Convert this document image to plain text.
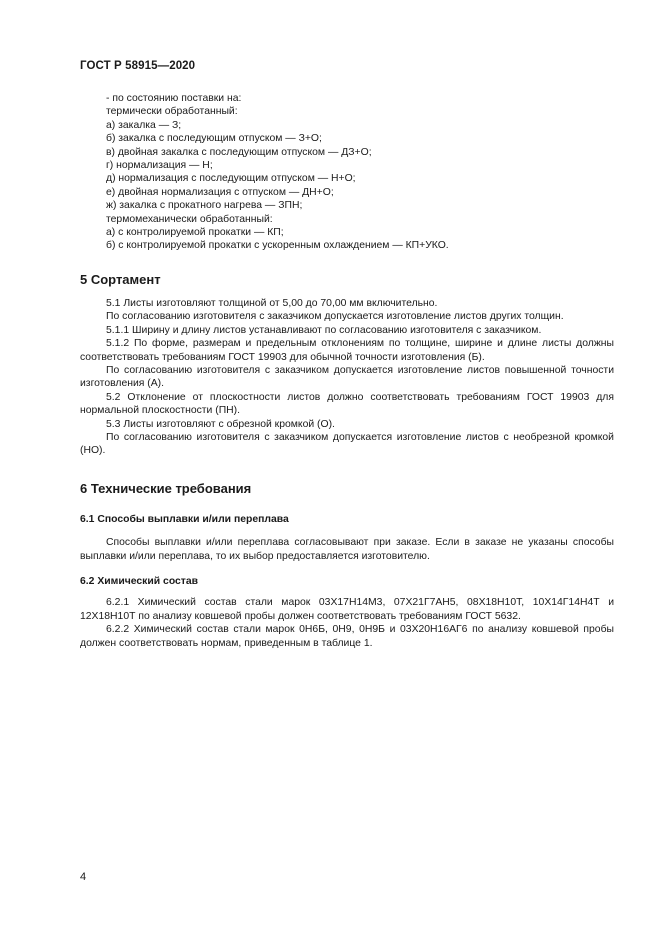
ГОСТ Р 58915—2020

- по состоянию поставки на:

термически обработанный:

а) закалка — З;

б) закалка с последующим отпуском — З+О;

в) двойная закалка с последующим отпуском — ДЗ+О;

г) нормализация — Н;

д) нормализация с последующим отпуском — Н+О;

е) двойная нормализация с отпуском — ДН+О;

ж) закалка с прокатного нагрева — ЗПН;

термомеханически обработанный:

а) с контролируемой прокатки — КП;

б) с контролируемой прокатки с ускоренным охлаждением — КП+УКО.

5 Сортамент

5.1 Листы изготовляют толщиной от 5,00 до 70,00 мм включительно.

По согласованию изготовителя с заказчиком допускается изготовление листов других толщин.

5.1.1 Ширину и длину листов устанавливают по согласованию изготовителя с заказчиком.

5.1.2 По форме, размерам и предельным отклонениям по толщине, ширине и длине листы должны соответствовать требованиям ГОСТ 19903 для обычной точности изготовления (Б).

По согласованию изготовителя с заказчиком допускается изготовление листов повышенной точности изготовления (А).

5.2 Отклонение от плоскостности листов должно соответствовать требованиям ГОСТ 19903 для нормальной плоскостности (ПН).

5.3 Листы изготовляют с обрезной кромкой (О).

По согласованию изготовителя с заказчиком допускается изготовление листов с необрезной кромкой (НО).

6 Технические требования
6.1 Способы выплавки и/или переплава

Способы выплавки и/или переплава согласовывают при заказе. Если в заказе не указаны способы выплавки и/или переплава, то их выбор предоставляется изготовителю.

6.2 Химический состав

6.2.1 Химический состав стали марок 03Х17Н14М3, 07Х21Г7АН5, 08Х18Н10Т, 10Х14Г14Н4Т и 12Х18Н10Т по анализу ковшевой пробы должен соответствовать требованиям ГОСТ 5632.

6.2.2 Химический состав стали марок 0Н6Б, 0Н9, 0Н9Б и 03Х20Н16АГ6 по анализу ковшевой пробы должен соответствовать нормам, приведенным в таблице 1.

4
